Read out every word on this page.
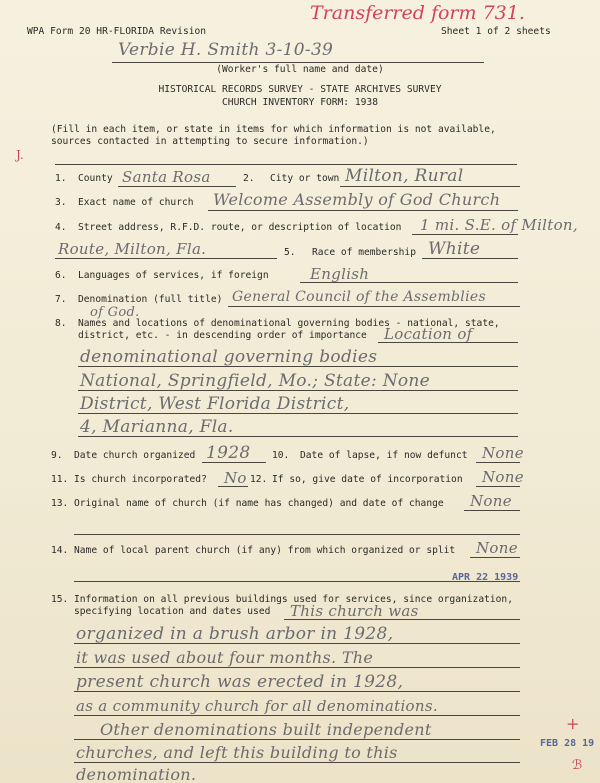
WPA Form 20 HR-FLORIDA Revision	Sheet 1 of 2 sheets
Transferred form 731.
Verbie H. Smith 3-10-39
(Worker's full name and date)
HISTORICAL RECORDS SURVEY - STATE ARCHIVES SURVEY
CHURCH INVENTORY FORM: 1938
(Fill in each item, or state in items for which information is not available,
sources contacted in attempting to secure information.)
J.
1. County Santa Rosa	2. City or town Milton, Rural
3. Exact name of church Welcome Assembly of God Church
4. Street address, R.F.D. route, or description of location 1 mi. S.E. of Milton,
Route, Milton, Fla.	5. Race of membership White
6. Languages of services, if foreign	English
7. Denomination (full title) General Council of the Assemblies
of God.
8. Names and locations of denominational governing bodies - national, state,
district, etc. - in descending order of importance Location of
denominational governing bodies
National, Springfield, Mo.; State: None
District, West Florida District,
4, Marianna, Fla.
9. Date church organized 1928 10. Date of lapse, if now defunct None
11. Is church incorporated? No 12. If so, give date of incorporation None
13. Original name of church (if name has changed) and date of change None
14. Name of local parent church (if any) from which organized or split None
APR 22 1939
15. Information on all previous buildings used for services, since organization,
specifying location and dates used This church was
organized in a brush arbor in 1928,
it was used about four months. The
present church was erected in 1928,
as a community church for all denominations.
Other denominations built independent
churches, and left this building to this
denomination.
FEB 28 19
+
ℬ
